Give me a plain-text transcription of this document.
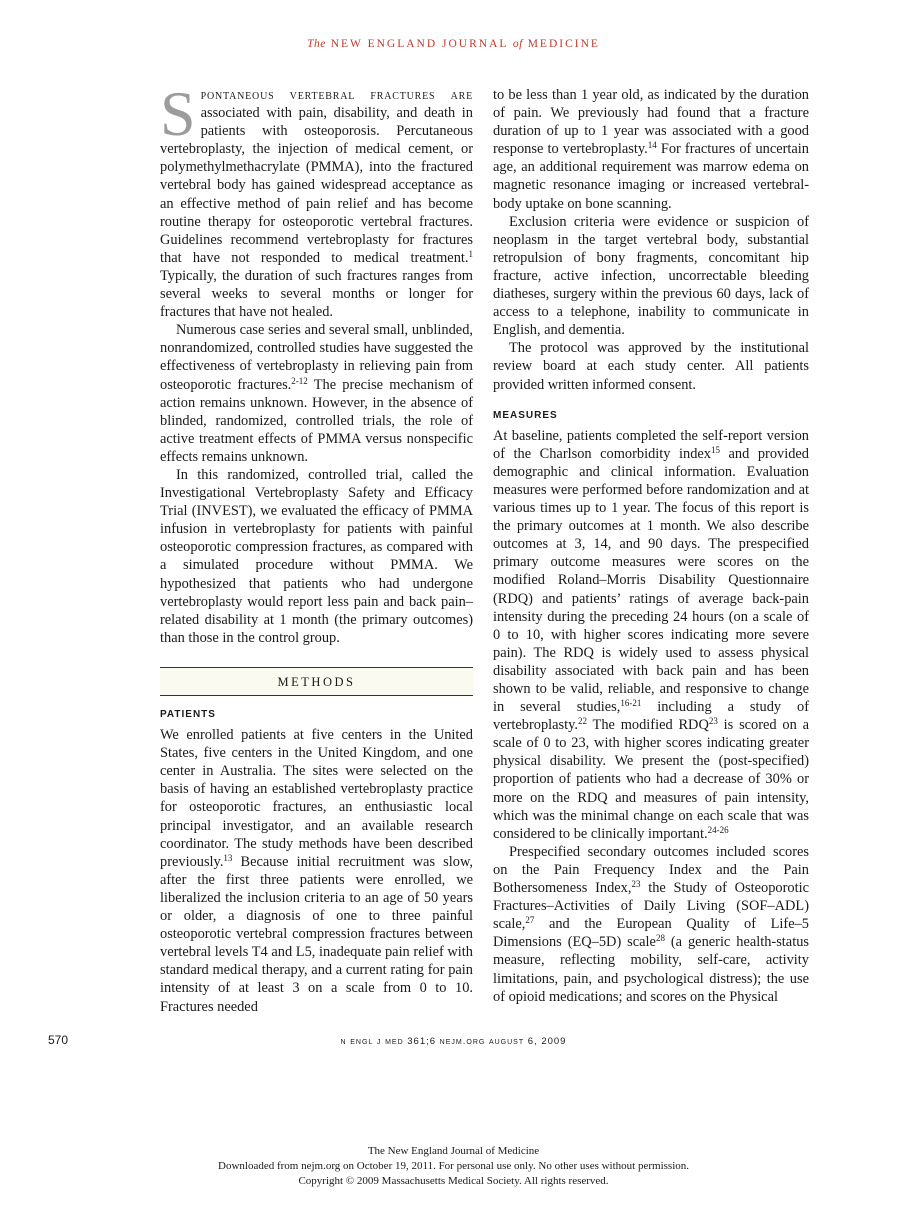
The NEW ENGLAND JOURNAL of MEDICINE

Spontaneous vertebral fractures are associated with pain, disability, and death in patients with osteoporosis. Percutaneous vertebroplasty, the injection of medical cement, or polymethylmethacrylate (PMMA), into the fractured vertebral body has gained widespread acceptance as an effective method of pain relief and has become routine therapy for osteoporotic vertebral fractures. Guidelines recommend vertebroplasty for fractures that have not responded to medical treatment.$^1$ Typically, the duration of such fractures ranges from several weeks to several months or longer for fractures that have not healed.

Numerous case series and several small, unblinded, nonrandomized, controlled studies have suggested the effectiveness of vertebroplasty in relieving pain from osteoporotic fractures.$^{2-12}$ The precise mechanism of action remains unknown. However, in the absence of blinded, randomized, controlled trials, the role of active treatment effects of PMMA versus nonspecific effects remains unknown.

In this randomized, controlled trial, called the Investigational Vertebroplasty Safety and Efficacy Trial (INVEST), we evaluated the efficacy of PMMA infusion in vertebroplasty for patients with painful osteoporotic compression fractures, as compared with a simulated procedure without PMMA. We hypothesized that patients who had undergone vertebroplasty would report less pain and back pain–related disability at 1 month (the primary outcomes) than those in the control group.

METHODS
PATIENTS

We enrolled patients at five centers in the United States, five centers in the United Kingdom, and one center in Australia. The sites were selected on the basis of having an established vertebroplasty practice for osteoporotic fractures, an enthusiastic local principal investigator, and an available research coordinator. The study methods have been described previously.$^{13}$ Because initial recruitment was slow, after the first three patients were enrolled, we liberalized the inclusion criteria to an age of 50 years or older, a diagnosis of one to three painful osteoporotic vertebral compression fractures between vertebral levels T4 and L5, inadequate pain relief with standard medical therapy, and a current rating for pain intensity of at least 3 on a scale from 0 to 10. Fractures needed

to be less than 1 year old, as indicated by the duration of pain. We previously had found that a fracture duration of up to 1 year was associated with a good response to vertebroplasty.$^{14}$ For fractures of uncertain age, an additional requirement was marrow edema on magnetic resonance imaging or increased vertebral-body uptake on bone scanning.

Exclusion criteria were evidence or suspicion of neoplasm in the target vertebral body, substantial retropulsion of bony fragments, concomitant hip fracture, active infection, uncorrectable bleeding diatheses, surgery within the previous 60 days, lack of access to a telephone, inability to communicate in English, and dementia.

The protocol was approved by the institutional review board at each study center. All patients provided written informed consent.

MEASURES

At baseline, patients completed the self-report version of the Charlson comorbidity index$^{15}$ and provided demographic and clinical information. Evaluation measures were performed before randomization and at various times up to 1 year. The focus of this report is the primary outcomes at 1 month. We also describe outcomes at 3, 14, and 90 days. The prespecified primary outcome measures were scores on the modified Roland–Morris Disability Questionnaire (RDQ) and patients’ ratings of average back-pain intensity during the preceding 24 hours (on a scale of 0 to 10, with higher scores indicating more severe pain). The RDQ is widely used to assess physical disability associated with back pain and has been shown to be valid, reliable, and responsive to change in several studies,$^{16-21}$ including a study of vertebroplasty.$^{22}$ The modified RDQ$^{23}$ is scored on a scale of 0 to 23, with higher scores indicating greater physical disability. We present the (post-specified) proportion of patients who had a decrease of 30% or more on the RDQ and measures of pain intensity, which was the minimal change on each scale that was considered to be clinically important.$^{24-26}$

Prespecified secondary outcomes included scores on the Pain Frequency Index and the Pain Bothersomeness Index,$^{23}$ the Study of Osteoporotic Fractures–Activities of Daily Living (SOF–ADL) scale,$^{27}$ and the European Quality of Life–5 Dimensions (EQ–5D) scale$^{28}$ (a generic health-status measure, reflecting mobility, self-care, activity limitations, pain, and psychological distress); the use of opioid medications; and scores on the Physical

570	n engl j med 361;6 nejm.org august 6, 2009
The New England Journal of Medicine
Downloaded from nejm.org on October 19, 2011. For personal use only. No other uses without permission.
Copyright © 2009 Massachusetts Medical Society. All rights reserved.
